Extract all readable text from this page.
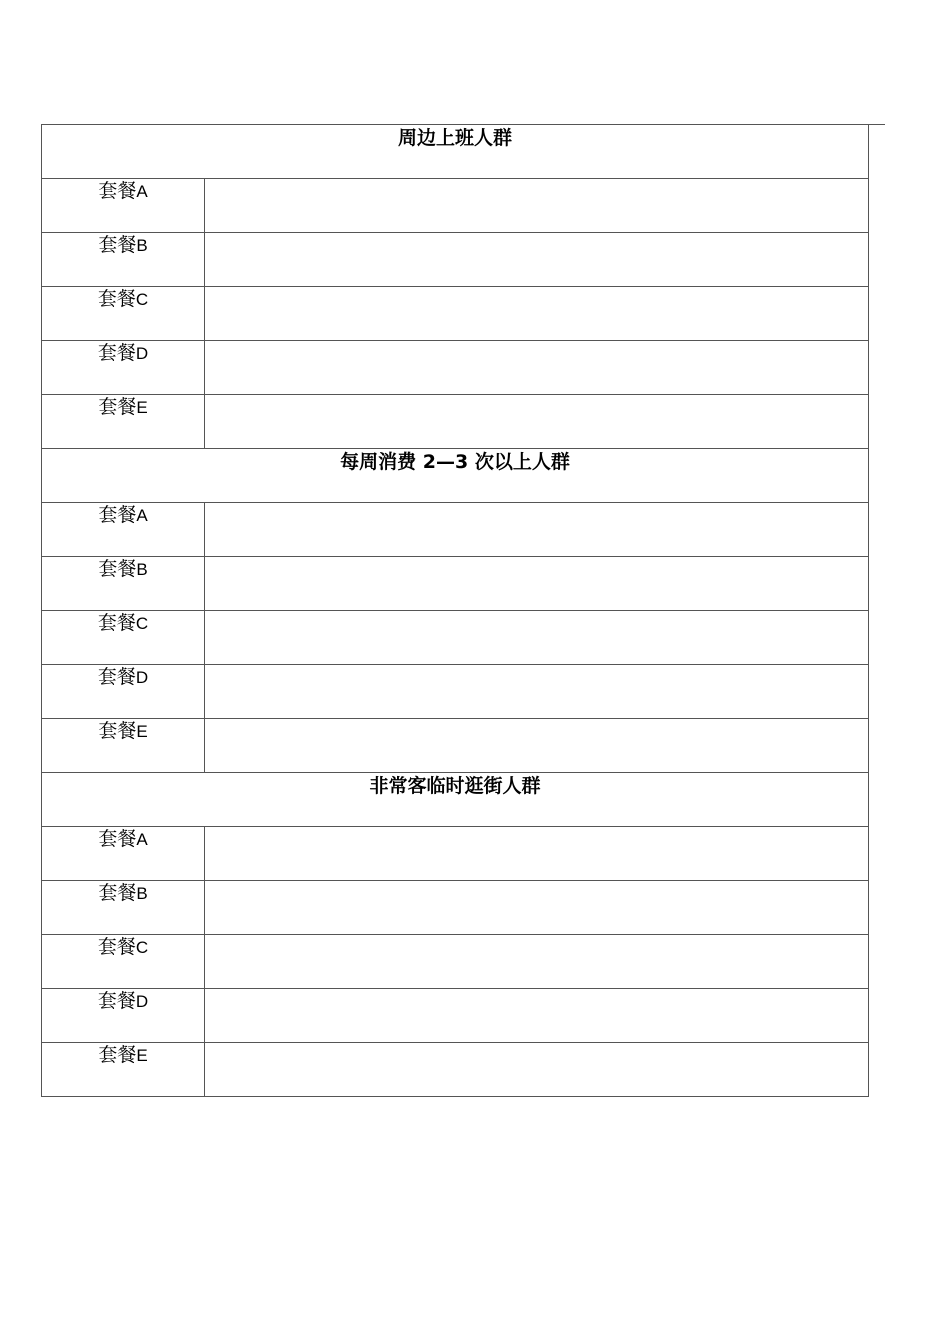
周边上班人群	
套餐A	
套餐B	
套餐C	
套餐D	
套餐E	
每周消费 2—3 次以上人群	
套餐A	
套餐B	
套餐C	
套餐D	
套餐E	
非常客临时逛街人群	
套餐A	
套餐B	
套餐C	
套餐D	
套餐E	
